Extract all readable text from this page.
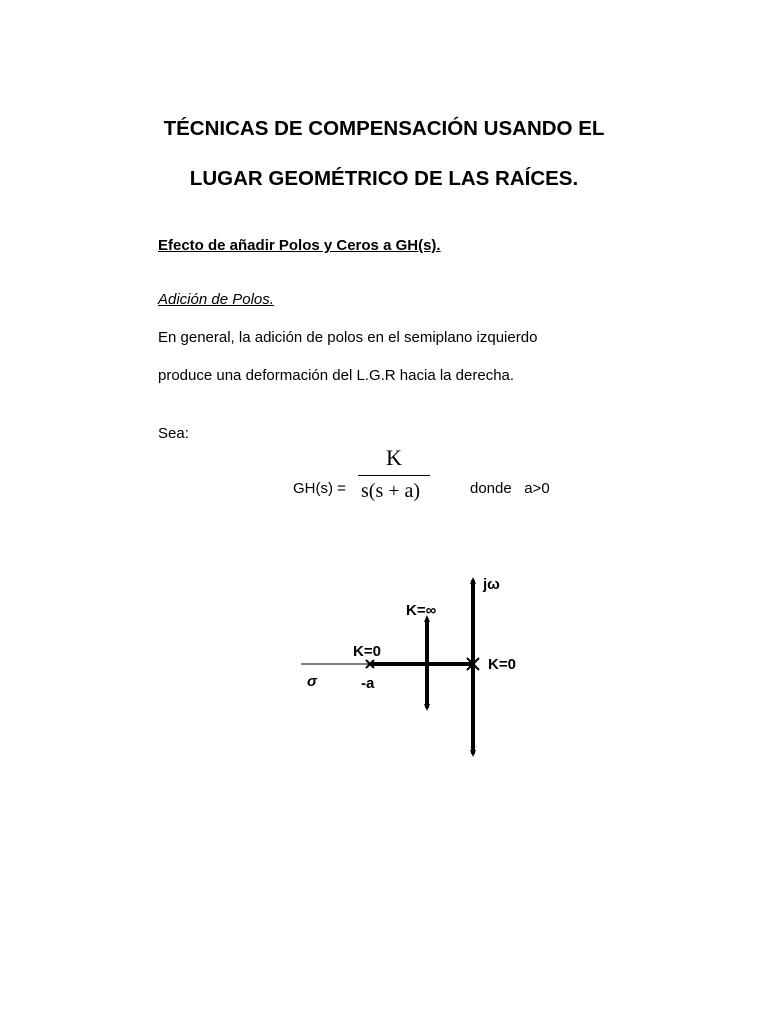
TÉCNICAS DE COMPENSACIÓN USANDO EL
LUGAR GEOMÉTRICO DE LAS RAÍCES.
Efecto de añadir Polos y Ceros a GH(s).
Adición de Polos.
En general, la adición de polos en el semiplano izquierdo
produce una deformación del L.G.R hacia la derecha.
Sea:
GH(s) =
K
s(s + a)	donde   a>0
jω
K=∞
K=0
K=0
σ	-a
